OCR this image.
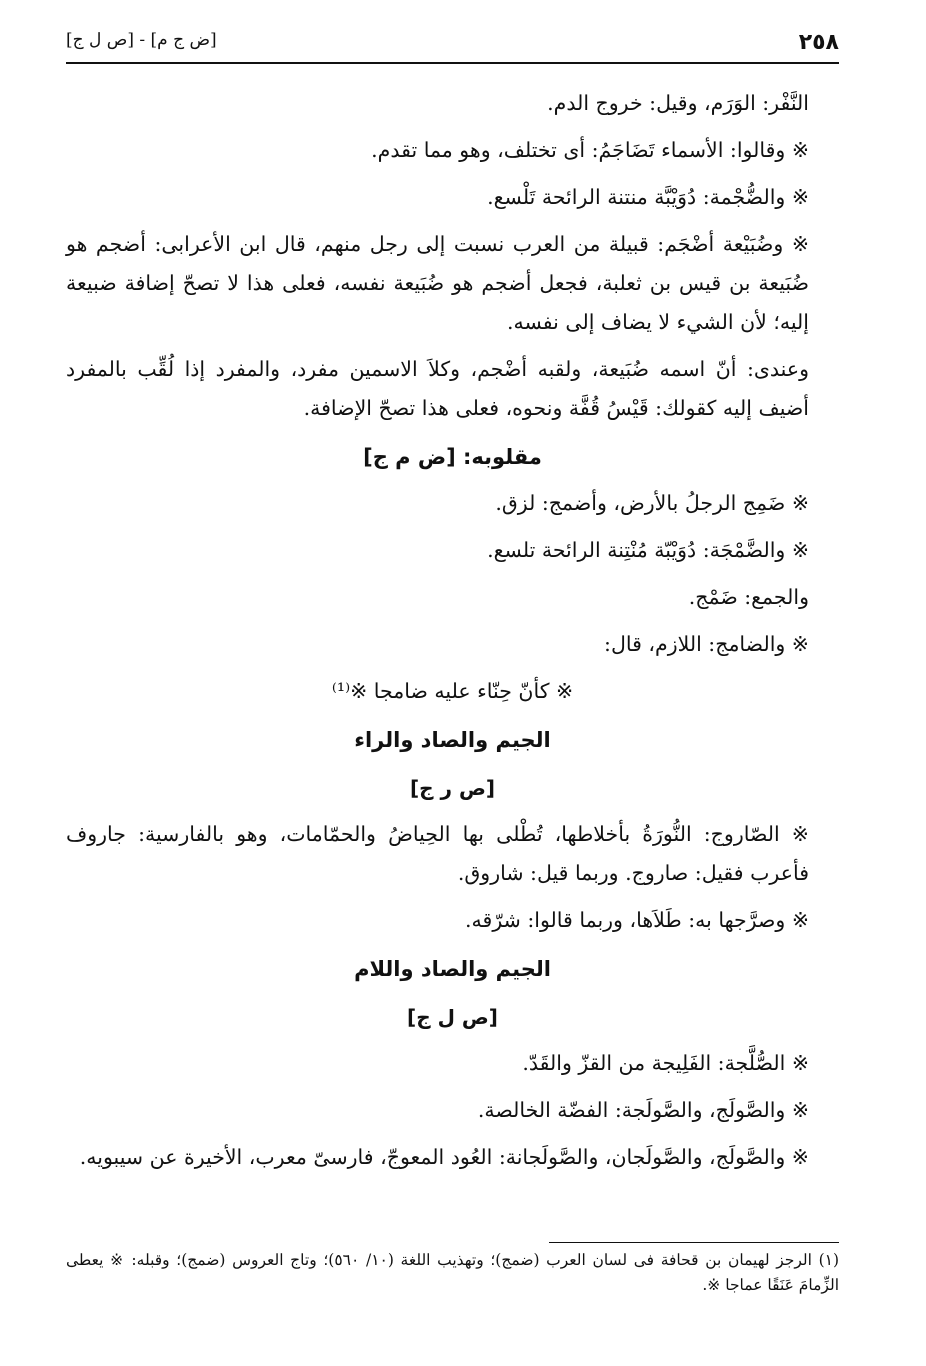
٢٥٨
[ض ج م] - [ص ل ج]
النَّفْر: الوَرَم، وقيل: خروج الدم.
※ وقالوا: الأسماء تَضَاجَمُ: أى تختلف، وهو مما تقدم.
※ والضُّجْمة: دُوَيْبَّة منتنة الرائحة تَلْسع.
※ وضُبَيْعة أضْجَم: قبيلة من العرب نسبت إلى رجل منهم، قال ابن الأعرابى: أضجم هو ضُبَيعة بن قيس بن ثعلبة، فجعل أضجم هو ضُبَيعة نفسه، فعلى هذا لا تصحّ إضافة ضبيعة إليه؛ لأن الشيء لا يضاف إلى نفسه.
وعندى: أنّ اسمه ضُبَيعة، ولقبه أضْجم، وكلاَ الاسمين مفرد، والمفرد إذا لُقِّب بالمفرد أضيف إليه كقولك: قَيْسُ قُفَّة ونحوه، فعلى هذا تصحّ الإضافة.
مقلوبه: [ض م ج]
※ ضَمِج الرجلُ بالأرض، وأضمج: لزق.
※ والضَّمْجَة: دُوَيْبّة مُنْتِنة الرائحة تلسع.
والجمع: ضَمْج.
※ والضامج: اللازم، قال:
※ كأنّ حِنّاء عليه ضامجا ※⁽¹⁾
الجيم والصاد والراء
[ص ر ج]
※ الصّاروج: النُّورَةُ بأخلاطها، تُطْلى بها الحِياضُ والحمّامات، وهو بالفارسية: جاروف فأعرب فقيل: صاروج. وربما قيل: شاروق.
※ وصرَّجها به: طَلاَها، وربما قالوا: شرّقه.
الجيم والصاد واللام
[ص ل ج]
※ الصُّلَّجة: الفَلِيجة من القزّ والقَدّ.
※ والصَّولَج، والصَّولَجة: الفضّة الخالصة.
※ والصَّولَج، والصَّولَجان، والصَّولَجانة: العُود المعوجّ، فارسىّ معرب، الأخيرة عن سيبويه.
(١) الرجز لهيمان بن قحافة فى لسان العرب (ضمج)؛ وتهذيب اللغة (١٠/ ٥٦٠)؛ وتاج العروس (ضمج)؛ وقبله: ※ يعطى الزِّمامَ عَنَقًا عماجا ※.
